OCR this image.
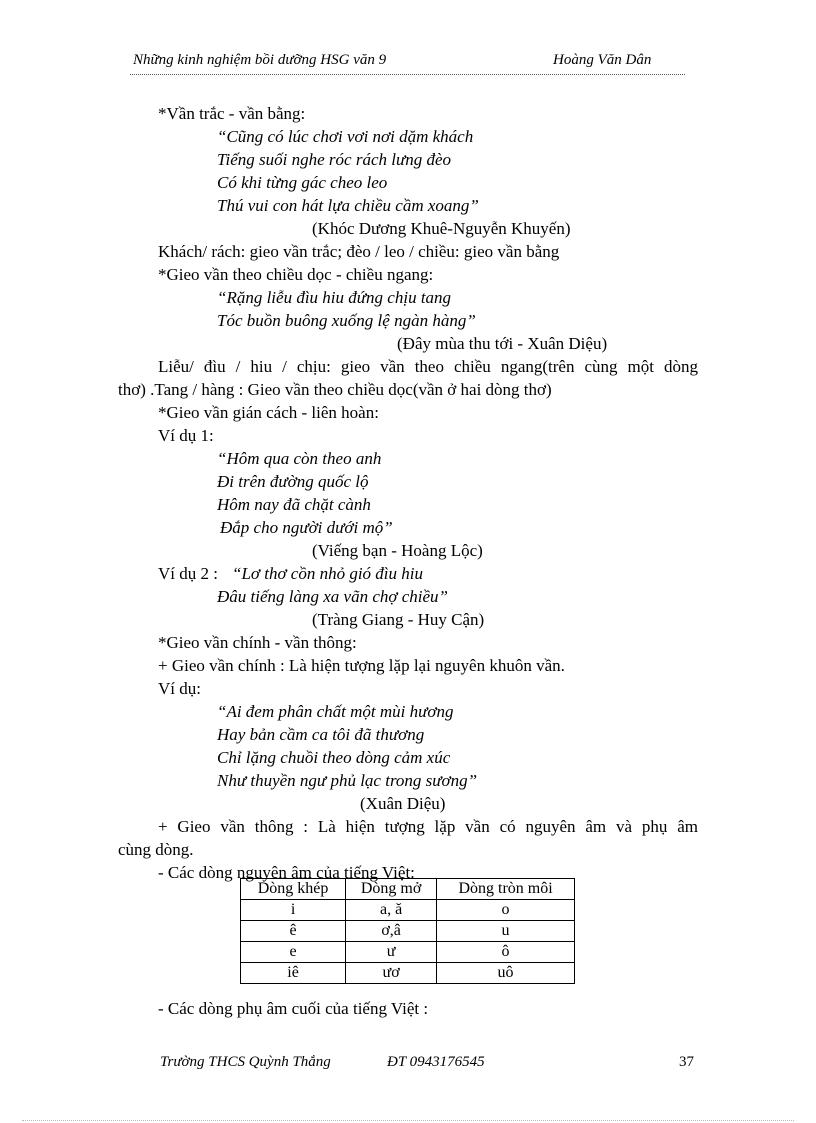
Những kinh nghiệm bồi dưỡng HSG văn 9	Hoàng Văn Dân
*Vần trắc - vần bằng:
“Cũng có lúc chơi vơi nơi dặm khách
Tiếng suối nghe róc rách lưng đèo
Có khi từng gác cheo leo
Thú vui con hát lựa chiều cầm xoang”
(Khóc Dương Khuê-Nguyễn Khuyến)
Khách/ rách: gieo vần trắc; đèo / leo / chiều: gieo vần bằng
*Gieo vần theo chiều dọc - chiều ngang:
“Rặng liễu đìu hiu đứng chịu tang
Tóc buồn buông xuống lệ ngàn hàng”
(Đây mùa thu tới - Xuân Diệu)
Liễu/ đìu / hiu / chịu: gieo vần theo chiều ngang(trên cùng một dòng
thơ) .Tang / hàng : Gieo vần theo chiều dọc(vần ở hai dòng thơ)
*Gieo vần gián cách - liên hoàn:
Ví dụ 1:
“Hôm qua còn theo anh
Đi trên đường quốc lộ
Hôm nay đã chặt cành
Đắp cho người dưới mộ”
(Viếng bạn - Hoàng Lộc)
Ví dụ 2 : “Lơ thơ cồn nhỏ gió đìu hiu
Đâu tiếng làng xa vãn chợ chiều”
(Tràng Giang - Huy Cận)
*Gieo vần chính - vần thông:
+ Gieo vần chính : Là hiện tượng lặp lại nguyên khuôn vần.
Ví dụ:
“Ai đem phân chất một mùi hương
Hay bản cầm ca tôi đã thương
Chỉ lặng chuồi theo dòng cảm xúc
Như thuyền ngư phủ lạc trong sương”
(Xuân Diệu)
+ Gieo vần thông : Là hiện tượng lặp vần có nguyên âm và phụ âm
cùng dòng.
- Các dòng nguyên âm của tiếng Việt:
Dòng khép	Dòng mở	Dòng tròn môi
i	a, ă	o
ê	ơ,â	u
e	ư	ô
iê	ươ	uô
- Các dòng phụ âm cuối của tiếng Việt :
Trường THCS Quỳnh Thắng	ĐT 0943176545	37
